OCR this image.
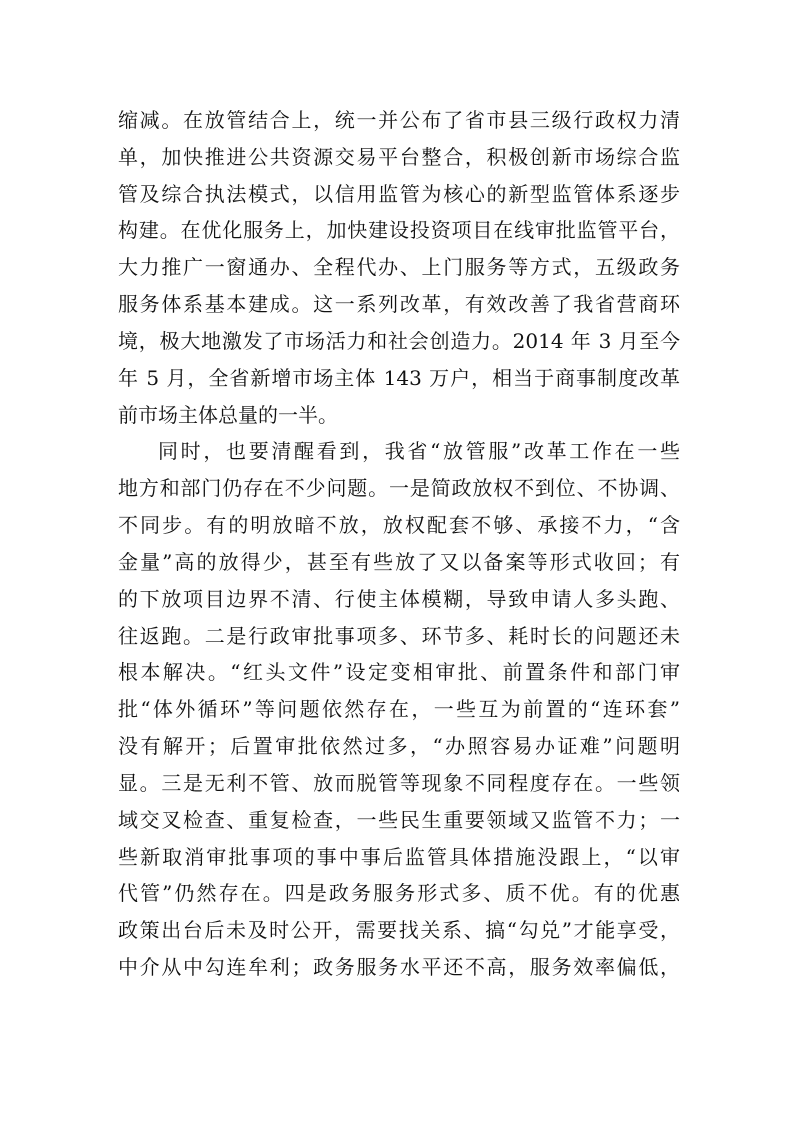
缩减。在放管结合上，统一并公布了省市县三级行政权力清
单，加快推进公共资源交易平台整合，积极创新市场综合监
管及综合执法模式，以信用监管为核心的新型监管体系逐步
构建。在优化服务上，加快建设投资项目在线审批监管平台，
大力推广一窗通办、全程代办、上门服务等方式，五级政务
服务体系基本建成。这一系列改革，有效改善了我省营商环
境，极大地激发了市场活力和社会创造力。2014 年 3 月至今
年 5 月，全省新增市场主体 143 万户，相当于商事制度改革
前市场主体总量的一半。
同时，也要清醒看到，我省“放管服”改革工作在一些
地方和部门仍存在不少问题。一是简政放权不到位、不协调、
不同步。有的明放暗不放，放权配套不够、承接不力，“含
金量”高的放得少，甚至有些放了又以备案等形式收回；有
的下放项目边界不清、行使主体模糊，导致申请人多头跑、
往返跑。二是行政审批事项多、环节多、耗时长的问题还未
根本解决。“红头文件”设定变相审批、前置条件和部门审
批“体外循环”等问题依然存在，一些互为前置的“连环套”
没有解开；后置审批依然过多，“办照容易办证难”问题明
显。三是无利不管、放而脱管等现象不同程度存在。一些领
域交叉检查、重复检查，一些民生重要领域又监管不力；一
些新取消审批事项的事中事后监管具体措施没跟上，“以审
代管”仍然存在。四是政务服务形式多、质不优。有的优惠
政策出台后未及时公开，需要找关系、搞“勾兑”才能享受，
中介从中勾连牟利；政务服务水平还不高，服务效率偏低，
